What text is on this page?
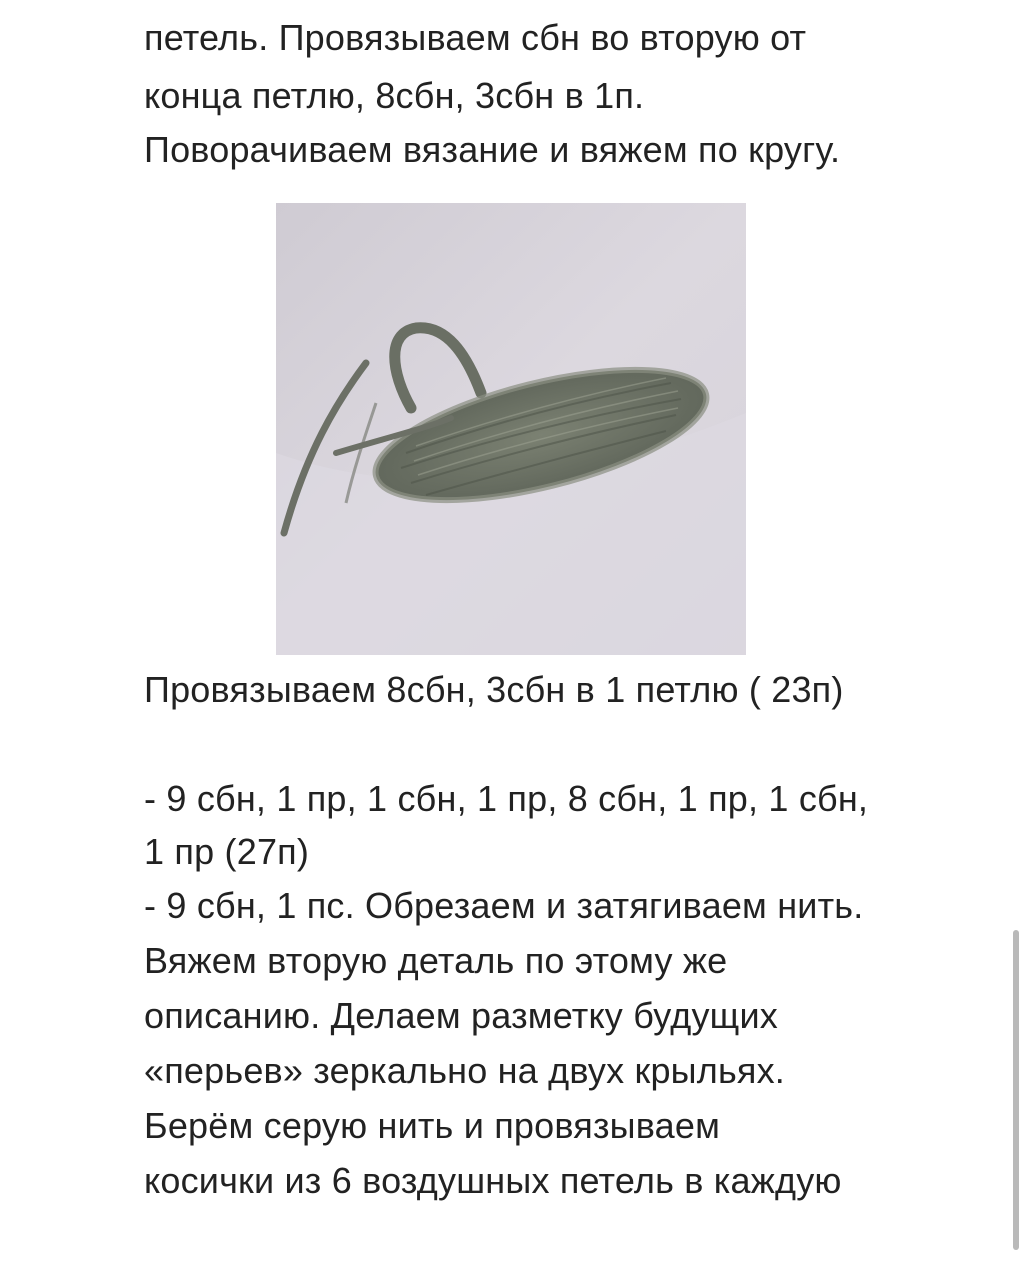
петель. Провязываем сбн во вторую от
конца петлю, 8сбн, 3сбн в 1п.
Поворачиваем вязание и вяжем по кругу.
Провязываем 8сбн, 3сбн в 1 петлю ( 23п)
- 9 сбн, 1 пр, 1 сбн, 1 пр, 8 сбн, 1 пр, 1 сбн,
1 пр (27п)
- 9 сбн, 1 пс. Обрезаем и затягиваем нить.
Вяжем вторую деталь по этому же
описанию. Делаем разметку будущих
«перьев» зеркально на двух крыльях.
Берём серую нить и провязываем
косички из 6 воздушных петель в каждую
